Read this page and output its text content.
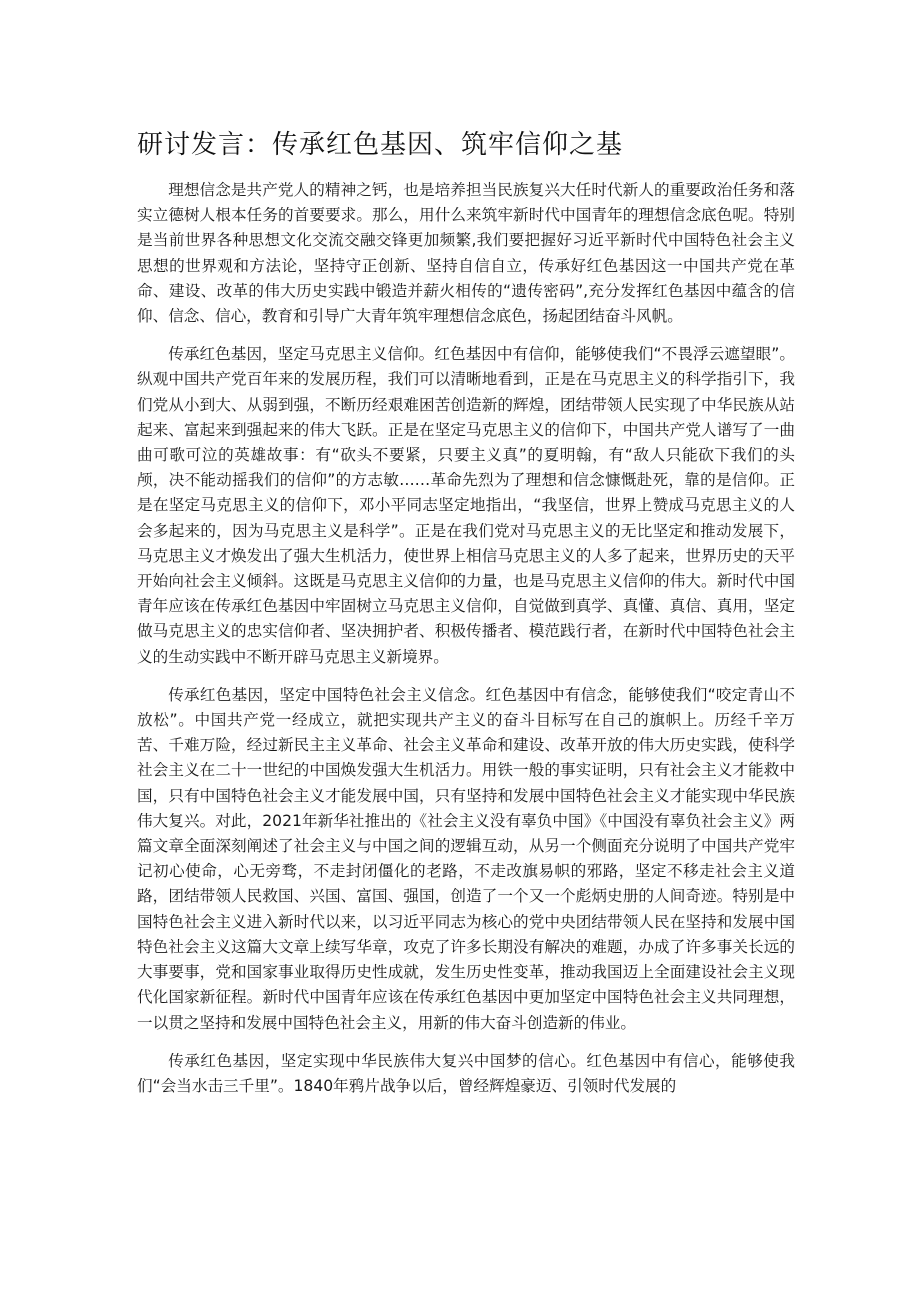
研讨发言：传承红色基因、筑牢信仰之基

理想信念是共产党人的精神之钙，也是培养担当民族复兴大任时代新人的重要政治任务和落实立德树人根本任务的首要要求。那么，用什么来筑牢新时代中国青年的理想信念底色呢。特别是当前世界各种思想文化交流交融交锋更加频繁,我们要把握好习近平新时代中国特色社会主义思想的世界观和方法论，坚持守正创新、坚持自信自立，传承好红色基因这一中国共产党在革命、建设、改革的伟大历史实践中锻造并薪火相传的“遗传密码”,充分发挥红色基因中蕴含的信仰、信念、信心，教育和引导广大青年筑牢理想信念底色，扬起团结奋斗风帆。

传承红色基因，坚定马克思主义信仰。红色基因中有信仰，能够使我们“不畏浮云遮望眼”。纵观中国共产党百年来的发展历程，我们可以清晰地看到，正是在马克思主义的科学指引下，我们党从小到大、从弱到强，不断历经艰难困苦创造新的辉煌，团结带领人民实现了中华民族从站起来、富起来到强起来的伟大飞跃。正是在坚定马克思主义的信仰下，中国共产党人谱写了一曲曲可歌可泣的英雄故事：有“砍头不要紧，只要主义真”的夏明翰，有“敌人只能砍下我们的头颅，决不能动摇我们的信仰”的方志敏……革命先烈为了理想和信念慷慨赴死，靠的是信仰。正是在坚定马克思主义的信仰下，邓小平同志坚定地指出，“我坚信，世界上赞成马克思主义的人会多起来的，因为马克思主义是科学”。正是在我们党对马克思主义的无比坚定和推动发展下，马克思主义才焕发出了强大生机活力，使世界上相信马克思主义的人多了起来，世界历史的天平开始向社会主义倾斜。这既是马克思主义信仰的力量，也是马克思主义信仰的伟大。新时代中国青年应该在传承红色基因中牢固树立马克思主义信仰，自觉做到真学、真懂、真信、真用，坚定做马克思主义的忠实信仰者、坚决拥护者、积极传播者、模范践行者，在新时代中国特色社会主义的生动实践中不断开辟马克思主义新境界。

传承红色基因，坚定中国特色社会主义信念。红色基因中有信念，能够使我们“咬定青山不放松”。中国共产党一经成立，就把实现共产主义的奋斗目标写在自己的旗帜上。历经千辛万苦、千难万险，经过新民主主义革命、社会主义革命和建设、改革开放的伟大历史实践，使科学社会主义在二十一世纪的中国焕发强大生机活力。用铁一般的事实证明，只有社会主义才能救中国，只有中国特色社会主义才能发展中国，只有坚持和发展中国特色社会主义才能实现中华民族伟大复兴。对此，2021年新华社推出的《社会主义没有辜负中国》《中国没有辜负社会主义》两篇文章全面深刻阐述了社会主义与中国之间的逻辑互动，从另一个侧面充分说明了中国共产党牢记初心使命，心无旁骛，不走封闭僵化的老路，不走改旗易帜的邪路，坚定不移走社会主义道路，团结带领人民救国、兴国、富国、强国，创造了一个又一个彪炳史册的人间奇迹。特别是中国特色社会主义进入新时代以来，以习近平同志为核心的党中央团结带领人民在坚持和发展中国特色社会主义这篇大文章上续写华章，攻克了许多长期没有解决的难题，办成了许多事关长远的大事要事，党和国家事业取得历史性成就，发生历史性变革，推动我国迈上全面建设社会主义现代化国家新征程。新时代中国青年应该在传承红色基因中更加坚定中国特色社会主义共同理想，一以贯之坚持和发展中国特色社会主义，用新的伟大奋斗创造新的伟业。

传承红色基因，坚定实现中华民族伟大复兴中国梦的信心。红色基因中有信心，能够使我们“会当水击三千里”。1840年鸦片战争以后，曾经辉煌豪迈、引领时代发展的
